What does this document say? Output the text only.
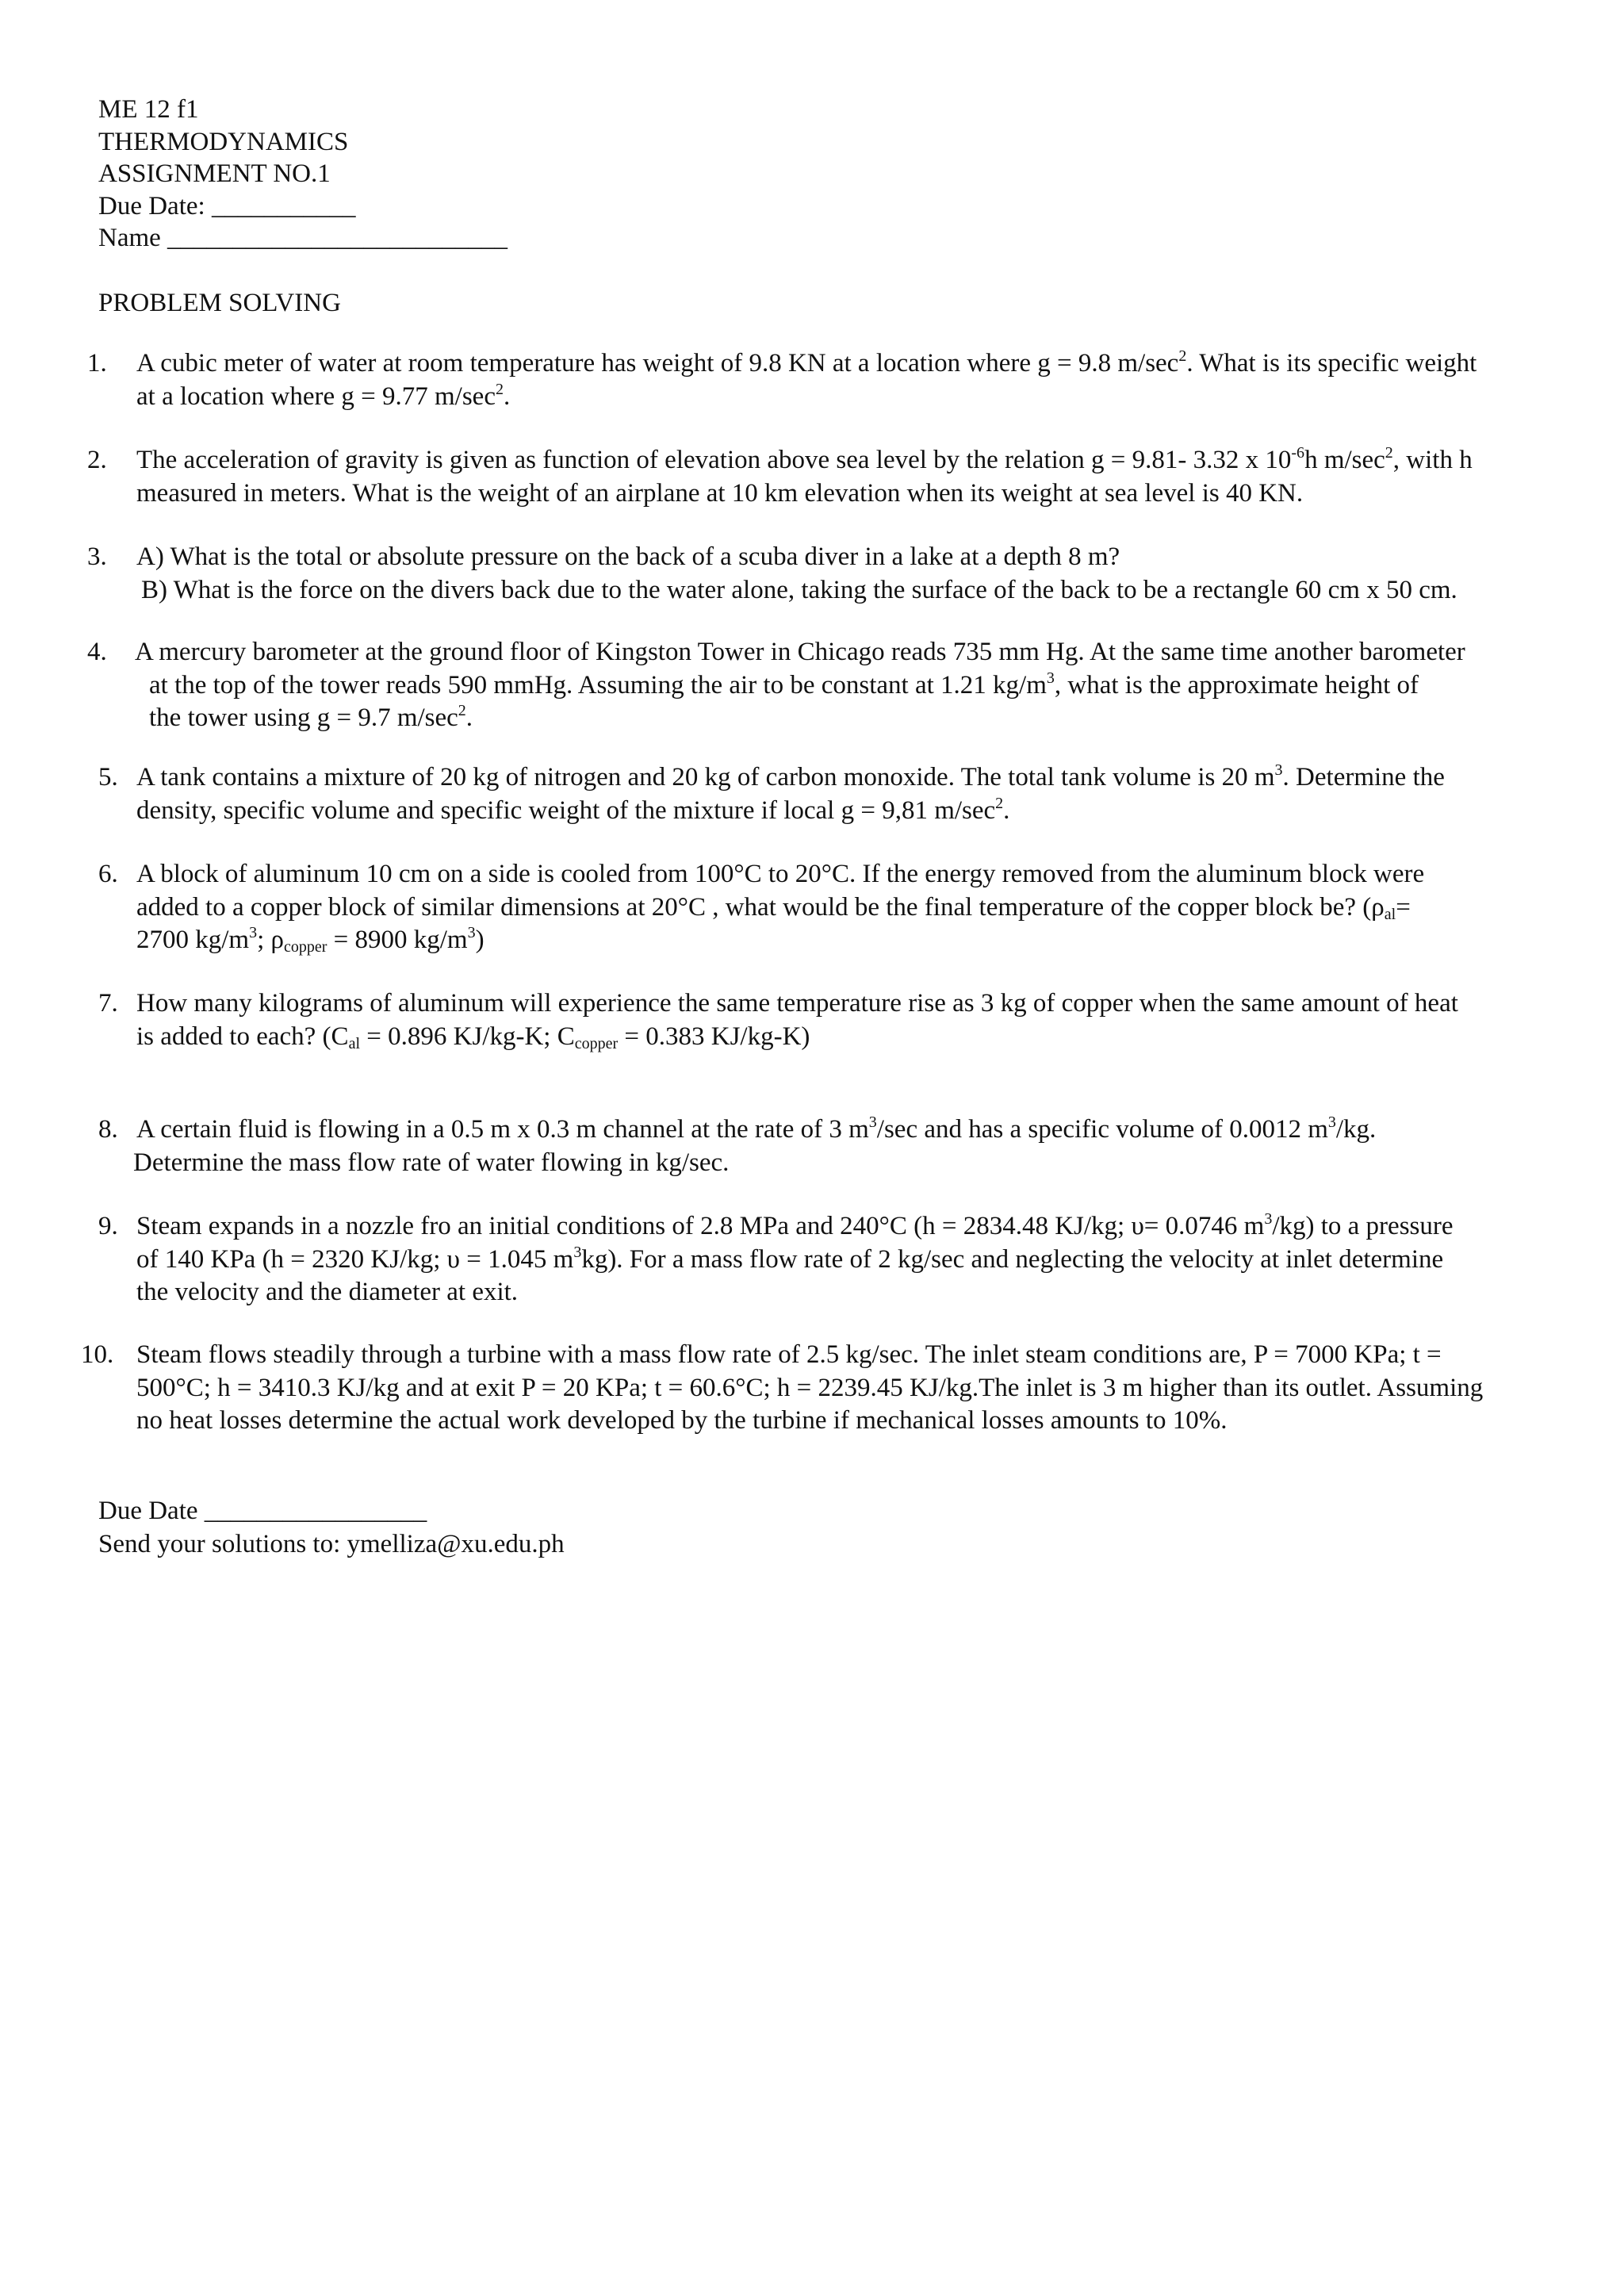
ME 12 f1
THERMODYNAMICS
ASSIGNMENT NO.1
Due Date: ___________
Name __________________________
PROBLEM SOLVING
1. A cubic meter of water at room temperature has weight of 9.8 KN at a location where g = 9.8 $m/\sec^2$. What is its specific weight
at a location where g = 9.77 $m/\sec^2$.
2. The acceleration of gravity is given as function of elevation above sea level by the relation g = 9.81- 3.32 x $10^{-6}h$ $m/\sec^2$, with h
measured in meters. What is the weight of an airplane at 10 km elevation when its weight at sea level is 40 KN.
3. A) What is the total or absolute pressure on the back of a scuba diver in a lake at a depth 8 m?
B) What is the force on the divers back due to the water alone, taking the surface of the back to be a rectangle 60 cm x 50 cm.
4. A mercury barometer at the ground floor of Kingston Tower in Chicago reads 735 mm Hg. At the same time another barometer
at the top of the tower reads 590 mmHg. Assuming the air to be constant at 1.21 $kg/m^3$, what is the approximate height of
the tower using g = 9.7 $m/\sec^2$.
5. A tank contains a mixture of 20 kg of nitrogen and 20 kg of carbon monoxide. The total tank volume is 20 $m^3$. Determine the
density, specific volume and specific weight of the mixture if local g = 9,81 $m/\sec^2$.
6. A block of aluminum 10 cm on a side is cooled from 100°C to 20°C. If the energy removed from the aluminum block were
added to a copper block of similar dimensions at 20°C , what would be the final temperature of the copper block be? ($\rho_{al}=$
2700 $kg/m^3$; $\rho_{copper} = 8900$ $kg/m^3$)
7. How many kilograms of aluminum will experience the same temperature rise as 3 kg of copper when the same amount of heat
is added to each? ($C_{al} = 0.896$ KJ/kg-K; $C_{copper} = 0.383$ KJ/kg-K)
8. A certain fluid is flowing in a 0.5 m x 0.3 m channel at the rate of 3 $m^3/\sec$ and has a specific volume of 0.0012 $m^3/kg$.
Determine the mass flow rate of water flowing in kg/sec.
9. Steam expands in a nozzle fro an initial conditions of 2.8 MPa and 240°C (h = 2834.48 KJ/kg; υ= 0.0746 $m^3/kg$) to a pressure
of 140 KPa (h = 2320 KJ/kg; υ = 1.045 $m^3kg$). For a mass flow rate of 2 kg/sec and neglecting the velocity at inlet determine
the velocity and the diameter at exit.
10. Steam flows steadily through a turbine with a mass flow rate of 2.5 kg/sec. The inlet steam conditions are, P = 7000 KPa; t =
500°C; h = 3410.3 KJ/kg and at exit P = 20 KPa; t = 60.6°C; h = 2239.45 KJ/kg.The inlet is 3 m higher than its outlet. Assuming
no heat losses determine the actual work developed by the turbine if mechanical losses amounts to 10%.
Due Date _________________
Send your solutions to: ymelliza@xu.edu.ph
